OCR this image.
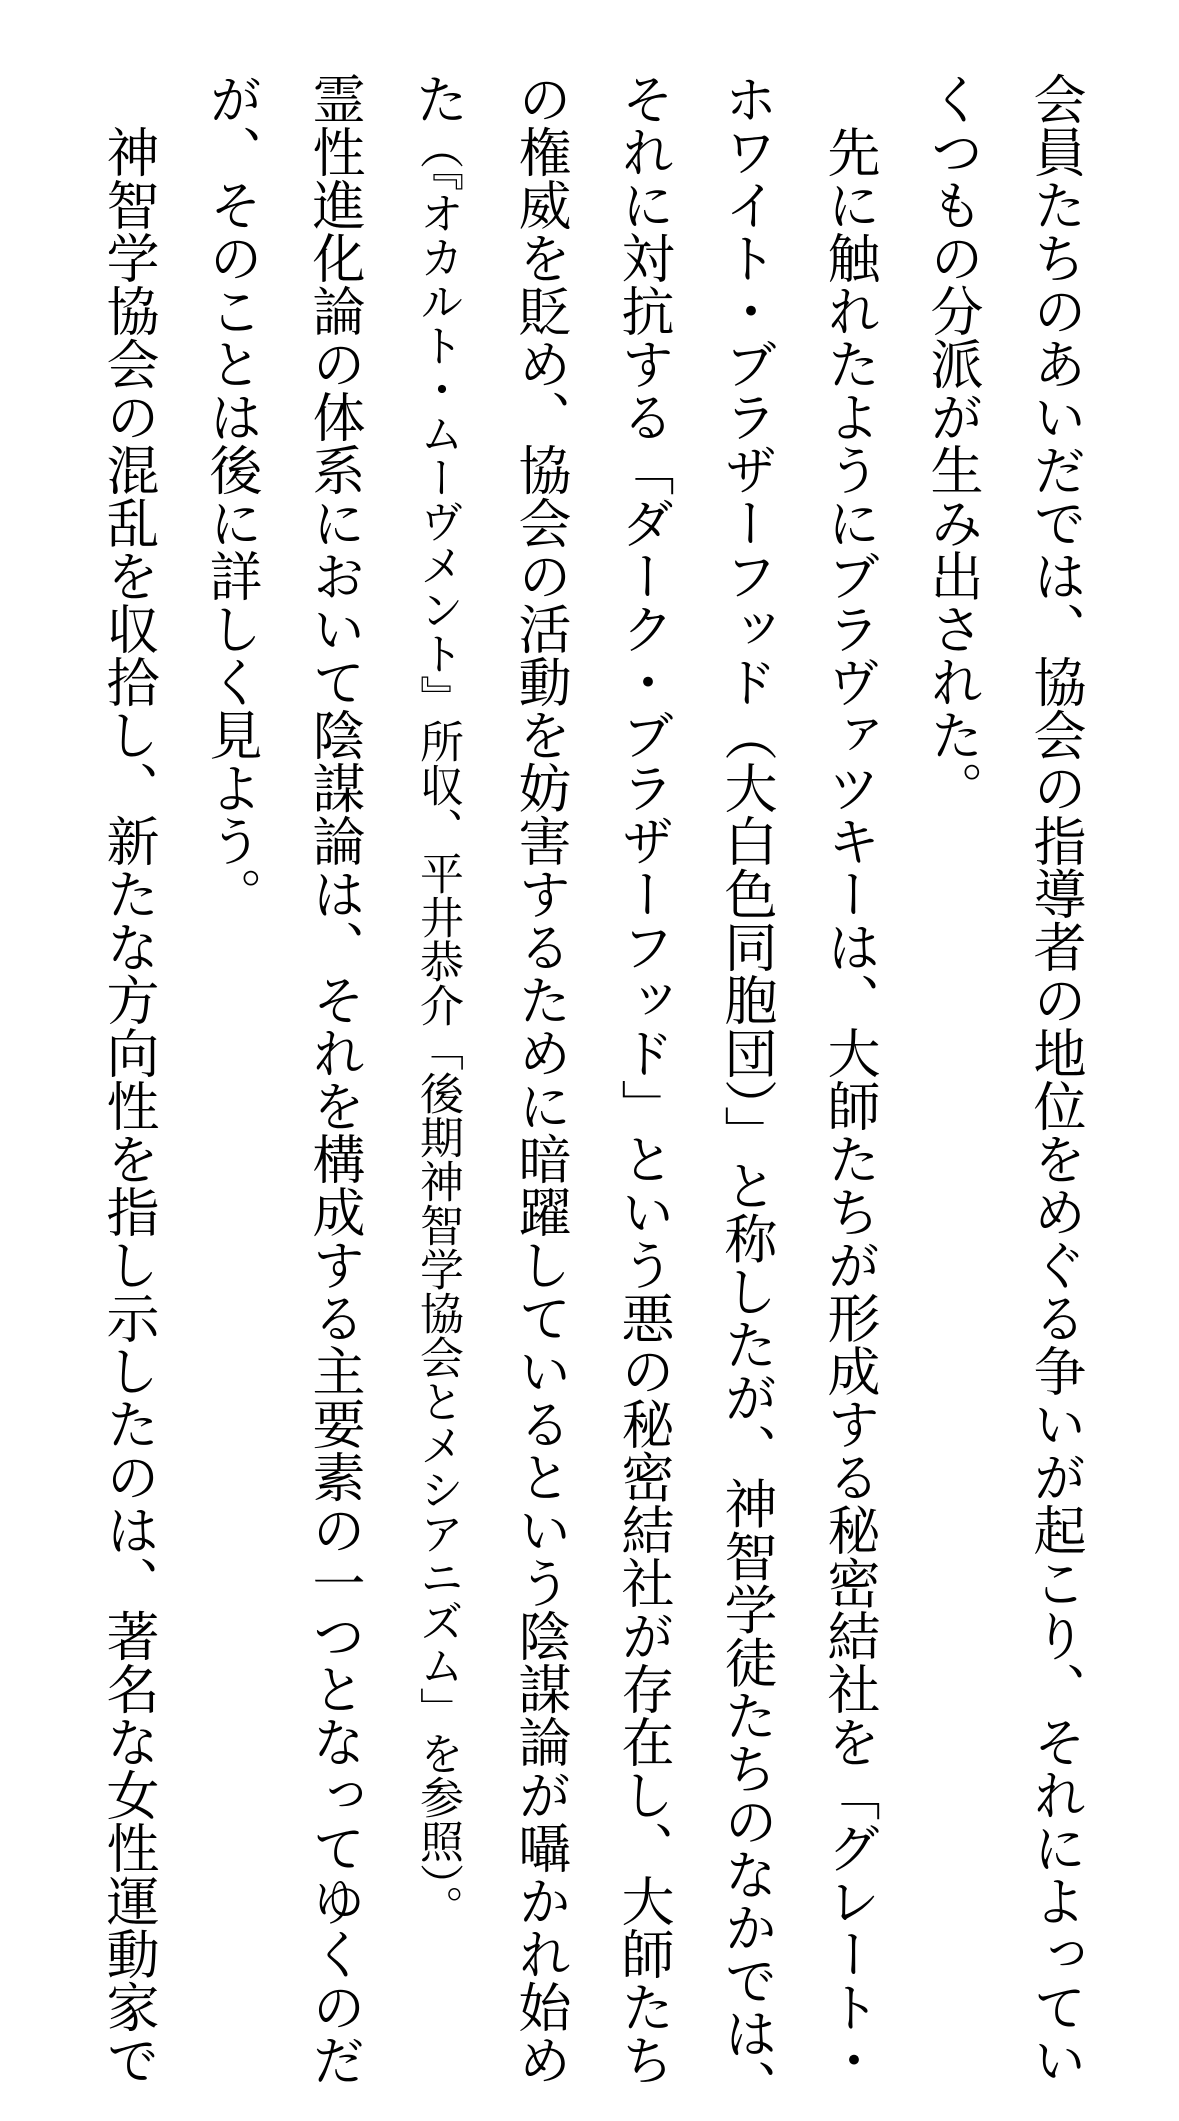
会員たちのあいだでは、協会の指導者の地位をめぐる争いが起こり、それによってい
くつもの分派が生み出された。
先に触れたようにブラヴァツキーは、大師たちが形成する秘密結社を「グレート・
ホワイト・ブラザーフッド（大白色同胞団）」と称したが、神智学徒たちのなかでは、
それに対抗する「ダーク・ブラザーフッド」という悪の秘密結社が存在し、大師たち
の権威を貶め、協会の活動を妨害するために暗躍しているという陰謀論が囁かれ始め
た（『オカルト・ムーヴメント』所収、平井恭介「後期神智学協会とメシアニズム」を参照）。
霊性進化論の体系において陰謀論は、それを構成する主要素の一つとなってゆくのだ
が、そのことは後に詳しく見よう。
神智学協会の混乱を収拾し、新たな方向性を指し示したのは、著名な女性運動家で
